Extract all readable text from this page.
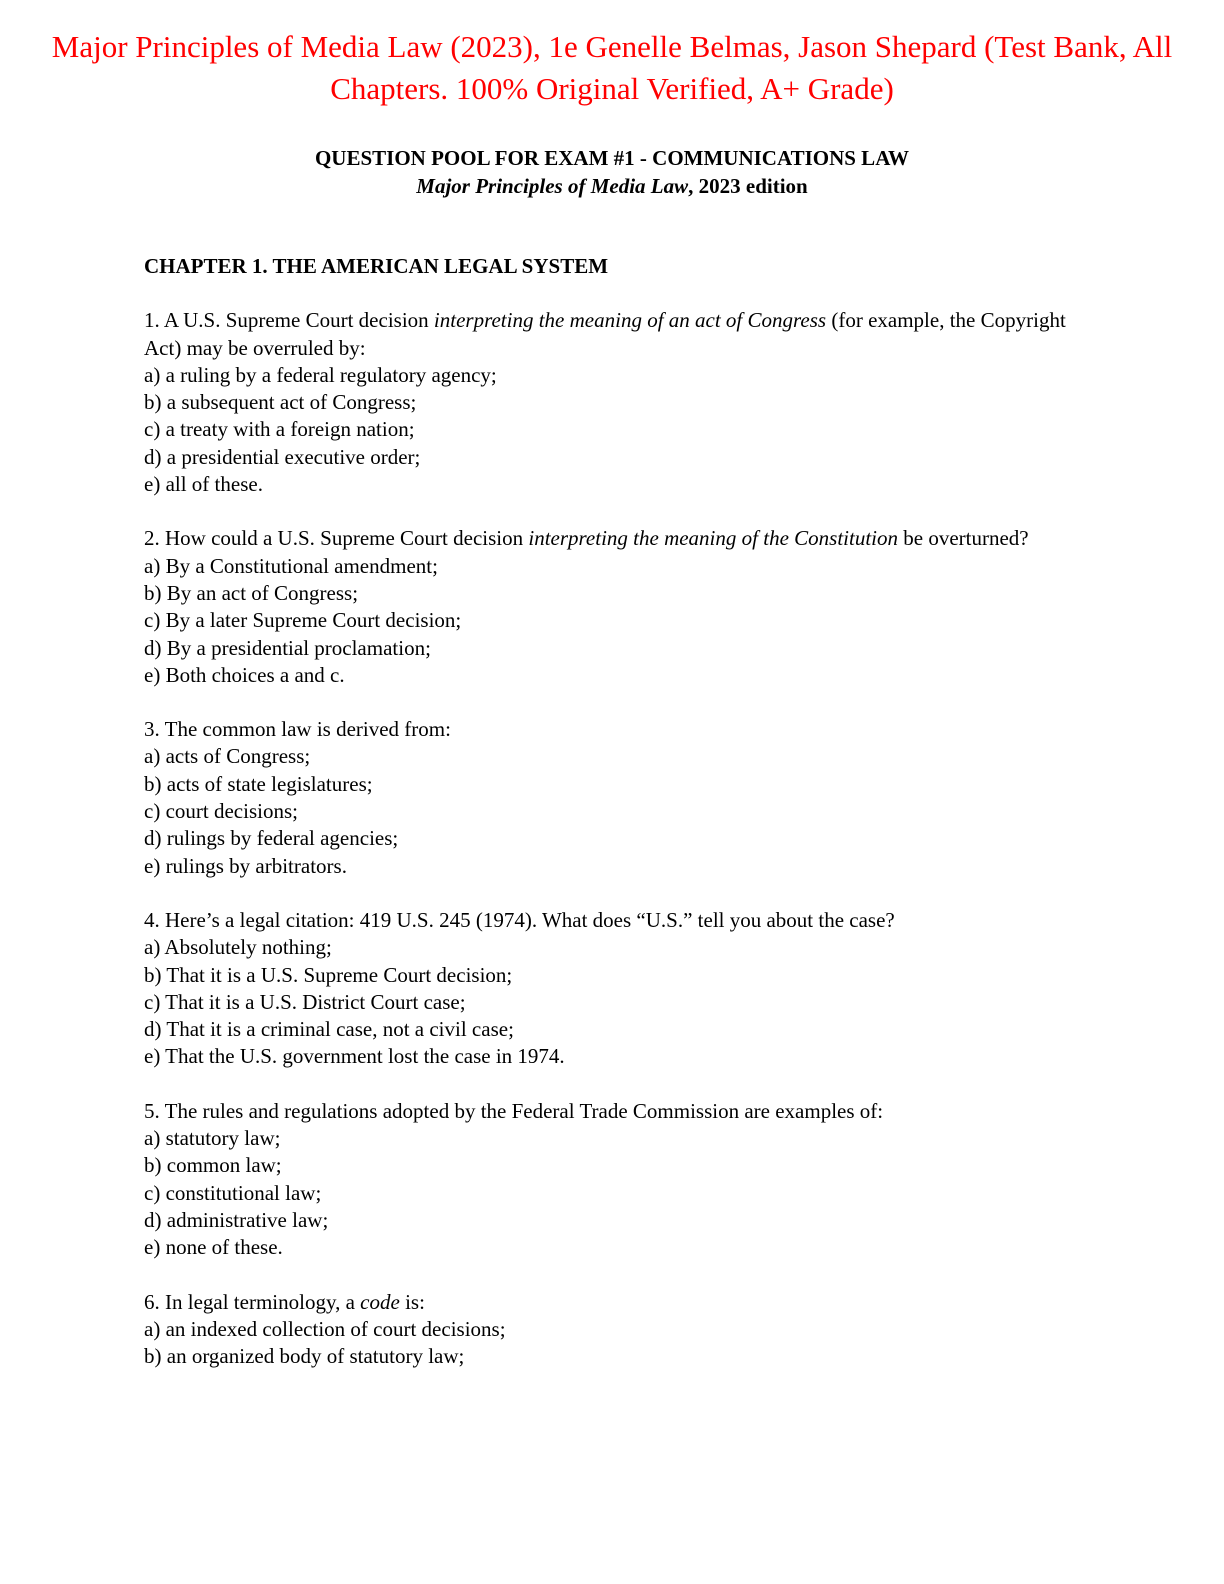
Major Principles of Media Law (2023), 1e Genelle Belmas, Jason Shepard (Test Bank, All Chapters. 100% Original Verified, A+ Grade)
QUESTION POOL FOR EXAM #1 - COMMUNICATIONS LAW
Major Principles of Media Law, 2023 edition
CHAPTER 1. THE AMERICAN LEGAL SYSTEM

1. A U.S. Supreme Court decision interpreting the meaning of an act of Congress (for example, the Copyright Act) may be overruled by:

a) a ruling by a federal regulatory agency;

b) a subsequent act of Congress;

c) a treaty with a foreign nation;

d) a presidential executive order;

e) all of these.

2. How could a U.S. Supreme Court decision interpreting the meaning of the Constitution be overturned?

a) By a Constitutional amendment;

b) By an act of Congress;

c) By a later Supreme Court decision;

d) By a presidential proclamation;

e) Both choices a and c.

3. The common law is derived from:

a) acts of Congress;

b) acts of state legislatures;

c) court decisions;

d) rulings by federal agencies;

e) rulings by arbitrators.

4. Here’s a legal citation: 419 U.S. 245 (1974). What does “U.S.” tell you about the case?

a) Absolutely nothing;

b) That it is a U.S. Supreme Court decision;

c) That it is a U.S. District Court case;

d) That it is a criminal case, not a civil case;

e) That the U.S. government lost the case in 1974.

5. The rules and regulations adopted by the Federal Trade Commission are examples of:

a) statutory law;

b) common law;

c) constitutional law;

d) administrative law;

e) none of these.

6. In legal terminology, a code is:

a) an indexed collection of court decisions;

b) an organized body of statutory law;
